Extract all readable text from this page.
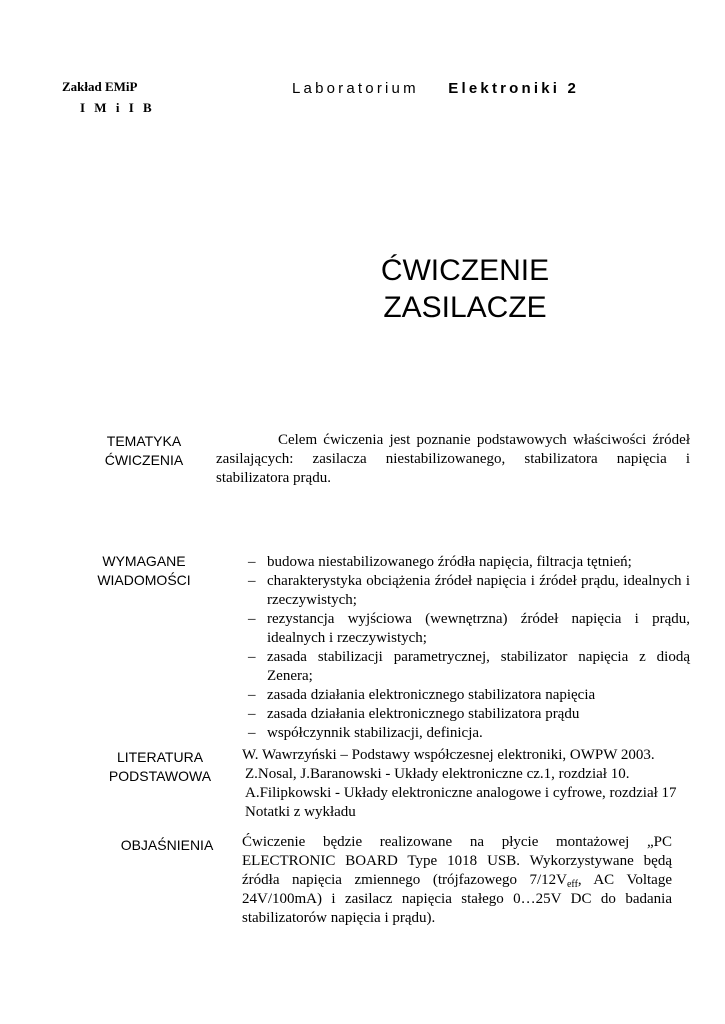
Zakład EMiP
I M i I B
Laboratorium Elektroniki 2
ĆWICZENIE
ZASILACZE
TEMATYKA
ĆWICZENIA
Celem ćwiczenia jest poznanie podstawowych właściwości źródeł zasilających: zasilacza niestabilizowanego, stabilizatora napięcia i stabilizatora prądu.
WYMAGANE
WIADOMOŚCI
– budowa niestabilizowanego źródła napięcia, filtracja tętnień;
– charakterystyka obciążenia źródeł napięcia i źródeł prądu, idealnych i rzeczywistych;
– rezystancja wyjściowa (wewnętrzna) źródeł napięcia i prądu, idealnych i rzeczywistych;
– zasada stabilizacji parametrycznej, stabilizator napięcia z diodą Zenera;
– zasada działania elektronicznego stabilizatora napięcia
– zasada działania elektronicznego stabilizatora prądu
– współczynnik stabilizacji, definicja.
LITERATURA
PODSTAWOWA
W. Wawrzyński – Podstawy współczesnej elektroniki, OWPW 2003.
Z.Nosal, J.Baranowski - Układy elektroniczne cz.1, rozdział 10.
A.Filipkowski - Układy elektroniczne analogowe i cyfrowe, rozdział 17
Notatki z wykładu
OBJAŚNIENIA	Ćwiczenie będzie realizowane na płycie montażowej „PC ELECTRONIC BOARD Type 1018 USB. Wykorzystywane będą źródła napięcia zmiennego (trójfazowego $7/12V_{eff}$, AC Voltage 24V/100mA) i zasilacz napięcia stałego 0…25V DC do badania stabilizatorów napięcia i prądu).
